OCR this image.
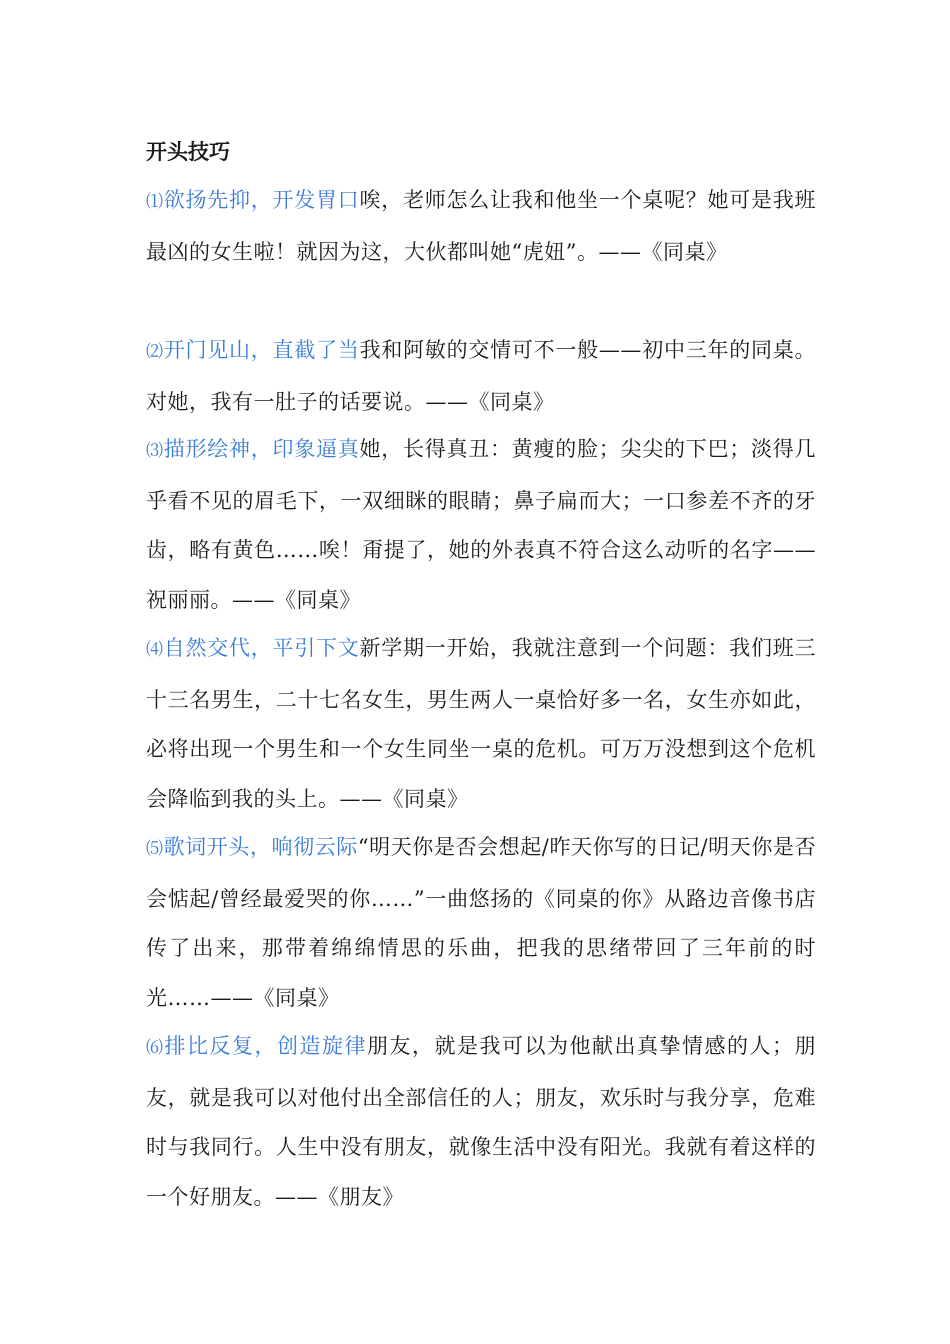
开头技巧
⑴欲扬先抑，开发胃口唉，老师怎么让我和他坐一个桌呢？她可是我班最凶的女生啦！就因为这，大伙都叫她“虎妞”。——《同桌》
⑵开门见山，直截了当我和阿敏的交情可不一般——初中三年的同桌。对她，我有一肚子的话要说。——《同桌》
⑶描形绘神，印象逼真她，长得真丑：黄瘦的脸；尖尖的下巴；淡得几乎看不见的眉毛下，一双细眯的眼睛；鼻子扁而大；一口参差不齐的牙齿，略有黄色……唉！甭提了，她的外表真不符合这么动听的名字——祝丽丽。——《同桌》
⑷自然交代，平引下文新学期一开始，我就注意到一个问题：我们班三十三名男生，二十七名女生，男生两人一桌恰好多一名，女生亦如此，必将出现一个男生和一个女生同坐一桌的危机。可万万没想到这个危机会降临到我的头上。——《同桌》
⑸歌词开头，响彻云际“明天你是否会想起/昨天你写的日记/明天你是否会惦起/曾经最爱哭的你……”一曲悠扬的《同桌的你》从路边音像书店传了出来，那带着绵绵情思的乐曲，把我的思绪带回了三年前的时光……——《同桌》
⑹排比反复，创造旋律朋友，就是我可以为他献出真挚情感的人；朋友，就是我可以对他付出全部信任的人；朋友，欢乐时与我分享，危难时与我同行。人生中没有朋友，就像生活中没有阳光。我就有着这样的一个好朋友。——《朋友》
